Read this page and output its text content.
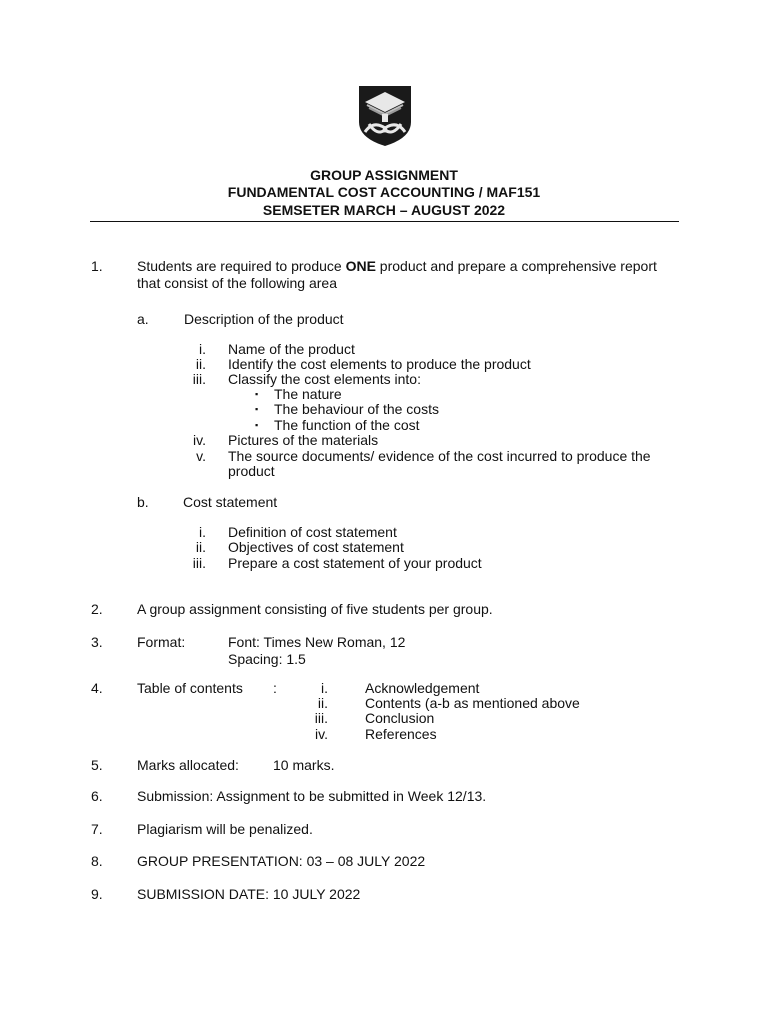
GROUP ASSIGNMENT
FUNDAMENTAL COST ACCOUNTING / MAF151
SEMSETER MARCH – AUGUST 2022
1. Students are required to produce ONE product and prepare a comprehensive report
that consist of the following area
a.	Description of the product
i. Name of the product
ii. Identify the cost elements to produce the product
iii. Classify the cost elements into:
▪ The nature
▪ The behaviour of the costs
▪ The function of the cost
iv. Pictures of the materials
v. The source documents/ evidence of the cost incurred to produce the
product
b. Cost statement
i. Definition of cost statement
ii. Objectives of cost statement
iii. Prepare a cost statement of your product
2. A group assignment consisting of five students per group.
3. Format:	Font: Times New Roman, 12
Spacing: 1.5
4. Table of contents :	i.	Acknowledgement
ii.	Contents (a-b as mentioned above
iii.	Conclusion
iv.	References
5. Marks allocated: 10 marks.
6. Submission: Assignment to be submitted in Week 12/13.
7. Plagiarism will be penalized.
8. GROUP PRESENTATION: 03 – 08 JULY 2022
9. SUBMISSION DATE: 10 JULY 2022
